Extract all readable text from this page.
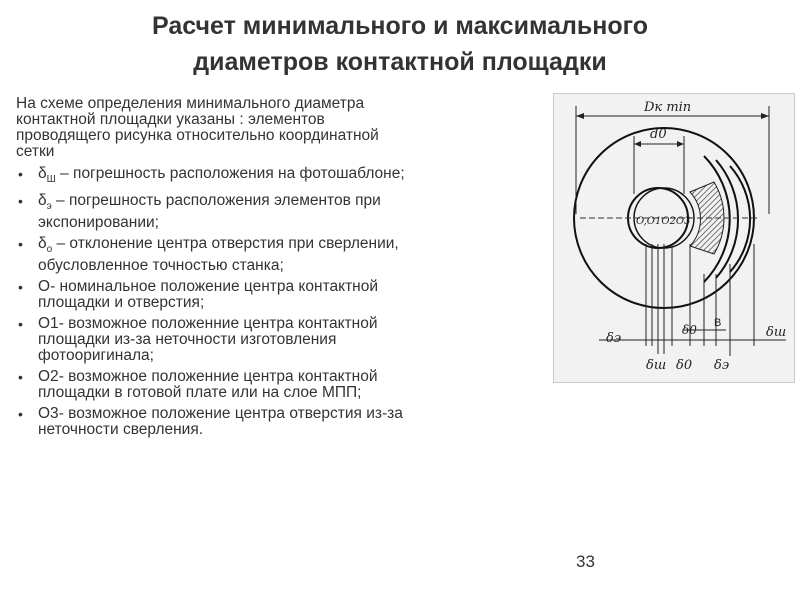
Расчет минимального и максимального
диаметров контактной площадки
На схеме определения минимального диаметра
контактной площадки указаны : элементов
проводящего рисунка относительно координатной
сетки
• $\delta_Ш$ – погрешность расположения на фотошаблоне;
• $\delta_э$ – погрешность расположения элементов при
экспонировании;
• $\delta_о$ – отклонение центра отверстия при сверлении,
обусловленное точностью станка;
• О- номинальное положение центра контактной
площадки и отверстия;
• О1- возможное положенние центра контактной
площадки из-за неточности изготовления
фотооригинала;
• О2- возможное положенние центра контактной
площадки в готовой плате или на слое МПП;
• О3- возможное положение центра отверстия из-за
неточности сверления.
Dк min
d0
O,O1O2O3
δэ
δ0 B
δш
δш δ0 δэ
33
